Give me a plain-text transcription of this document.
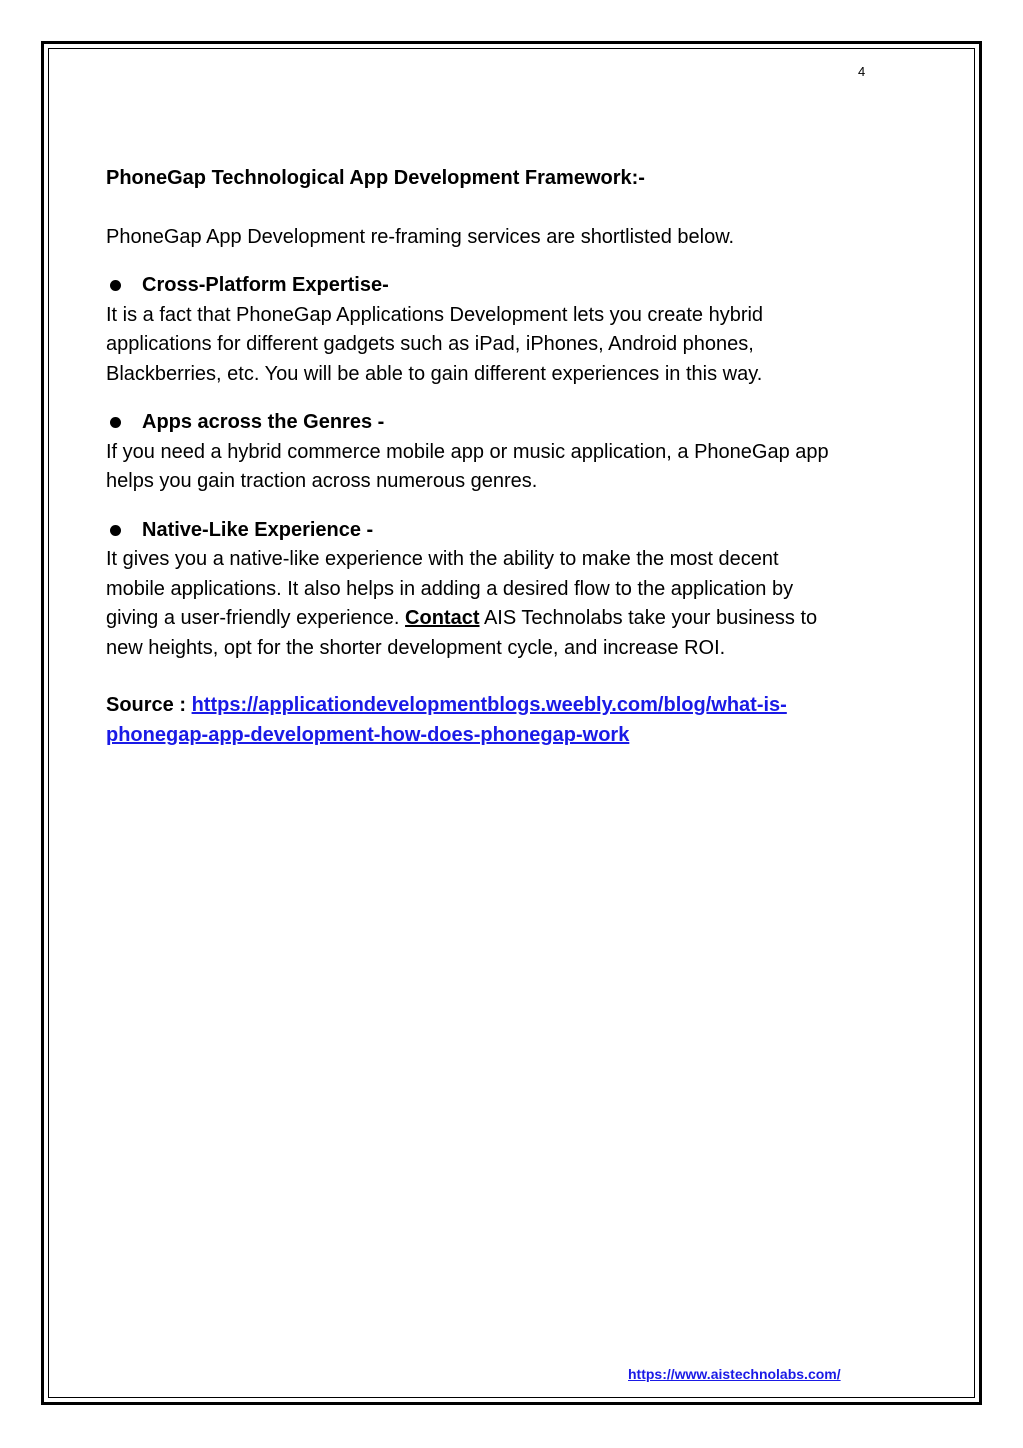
4

PhoneGap Technological App Development Framework:-

PhoneGap App Development re-framing services are shortlisted below.

Cross-Platform Expertise-

It is a fact that PhoneGap Applications Development lets you create hybrid

applications for different gadgets such as iPad, iPhones, Android phones,

Blackberries, etc. You will be able to gain different experiences in this way.

Apps across the Genres -

If you need a hybrid commerce mobile app or music application, a PhoneGap app

helps you gain traction across numerous genres.

Native-Like Experience -

It gives you a native-like experience with the ability to make the most decent

mobile applications. It also helps in adding a desired flow to the application by

giving a user-friendly experience. Contact AIS Technolabs take your business to

new heights, opt for the shorter development cycle, and increase ROI.

Source : https://applicationdevelopmentblogs.weebly.com/blog/what-is-
phonegap-app-development-how-does-phonegap-work

https://www.aistechnolabs.com/
